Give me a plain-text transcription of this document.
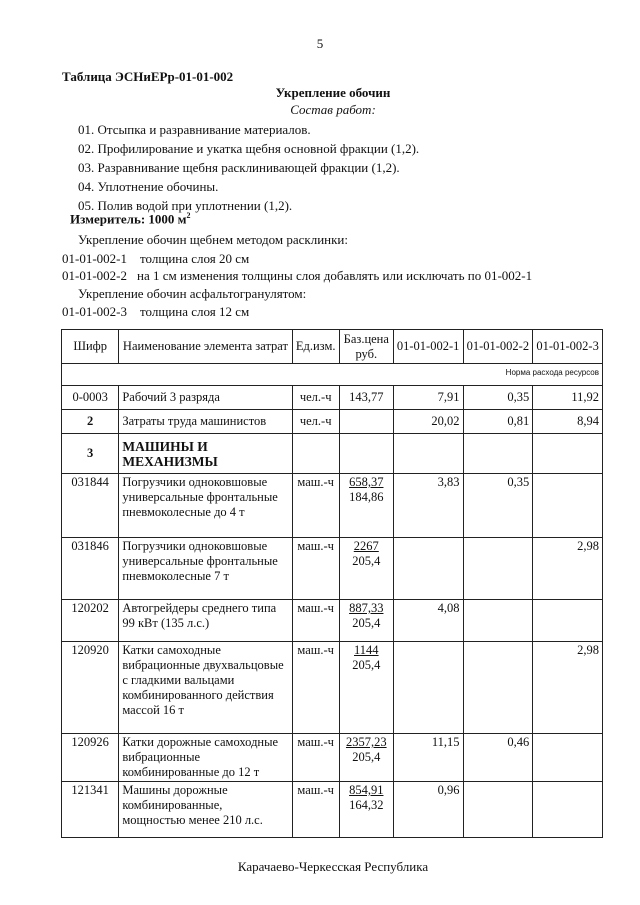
5
Таблица ЭСНиЕРр-01-01-002
Укрепление обочин
Состав работ:
01. Отсыпка и разравнивание материалов.
02. Профилирование и укатка щебня основной фракции (1,2).
03. Разравнивание щебня расклинивающей фракции (1,2).
04. Уплотнение обочины.
05. Полив водой при уплотнении (1,2).
Измеритель: 1000 $м^2$
Укрепление обочин щебнем методом расклинки:
01-01-002-1 толщина слоя 20 см
01-01-002-2 на 1 см изменения толщины слоя добавлять или исключать по 01-002-1
Укрепление обочин асфальтогранулятом:
01-01-002-3 толщина слоя 12 см
Шифр	Наименование элемента затрат	Ед.изм.	Баз.цена руб.	01-01-002-1	01-01-002-2	01-01-002-3
Норма расхода ресурсов						
0-0003	Рабочий 3 разряда	чел.-ч	143,77	7,91	0,35	11,92
2	Затраты труда машинистов	чел.-ч		20,02	0,81	8,94
3	МАШИНЫ И МЕХАНИЗМЫ					
031844	Погрузчики одноковшовые универсальные фронтальные пневмоколесные до 4 т	маш.-ч	658,37
184,86	3,83	0,35	
031846	Погрузчики одноковшовые универсальные фронтальные пневмоколесные 7 т	маш.-ч	2267
205,4			2,98
120202	Автогрейдеры среднего типа 99 кВт (135 л.с.)	маш.-ч	887,33
205,4	4,08		
120920	Катки самоходные вибрационные двухвальцовые с гладкими вальцами комбинированного действия массой 16 т	маш.-ч	1144
205,4			2,98
120926	Катки дорожные самоходные вибрационные комбинированные до 12 т	маш.-ч	2357,23
205,4	11,15	0,46	
121341	Машины дорожные комбинированные, мощностью менее 210 л.с.	маш.-ч	854,91
164,32	0,96		
Карачаево-Черкесская Республика
